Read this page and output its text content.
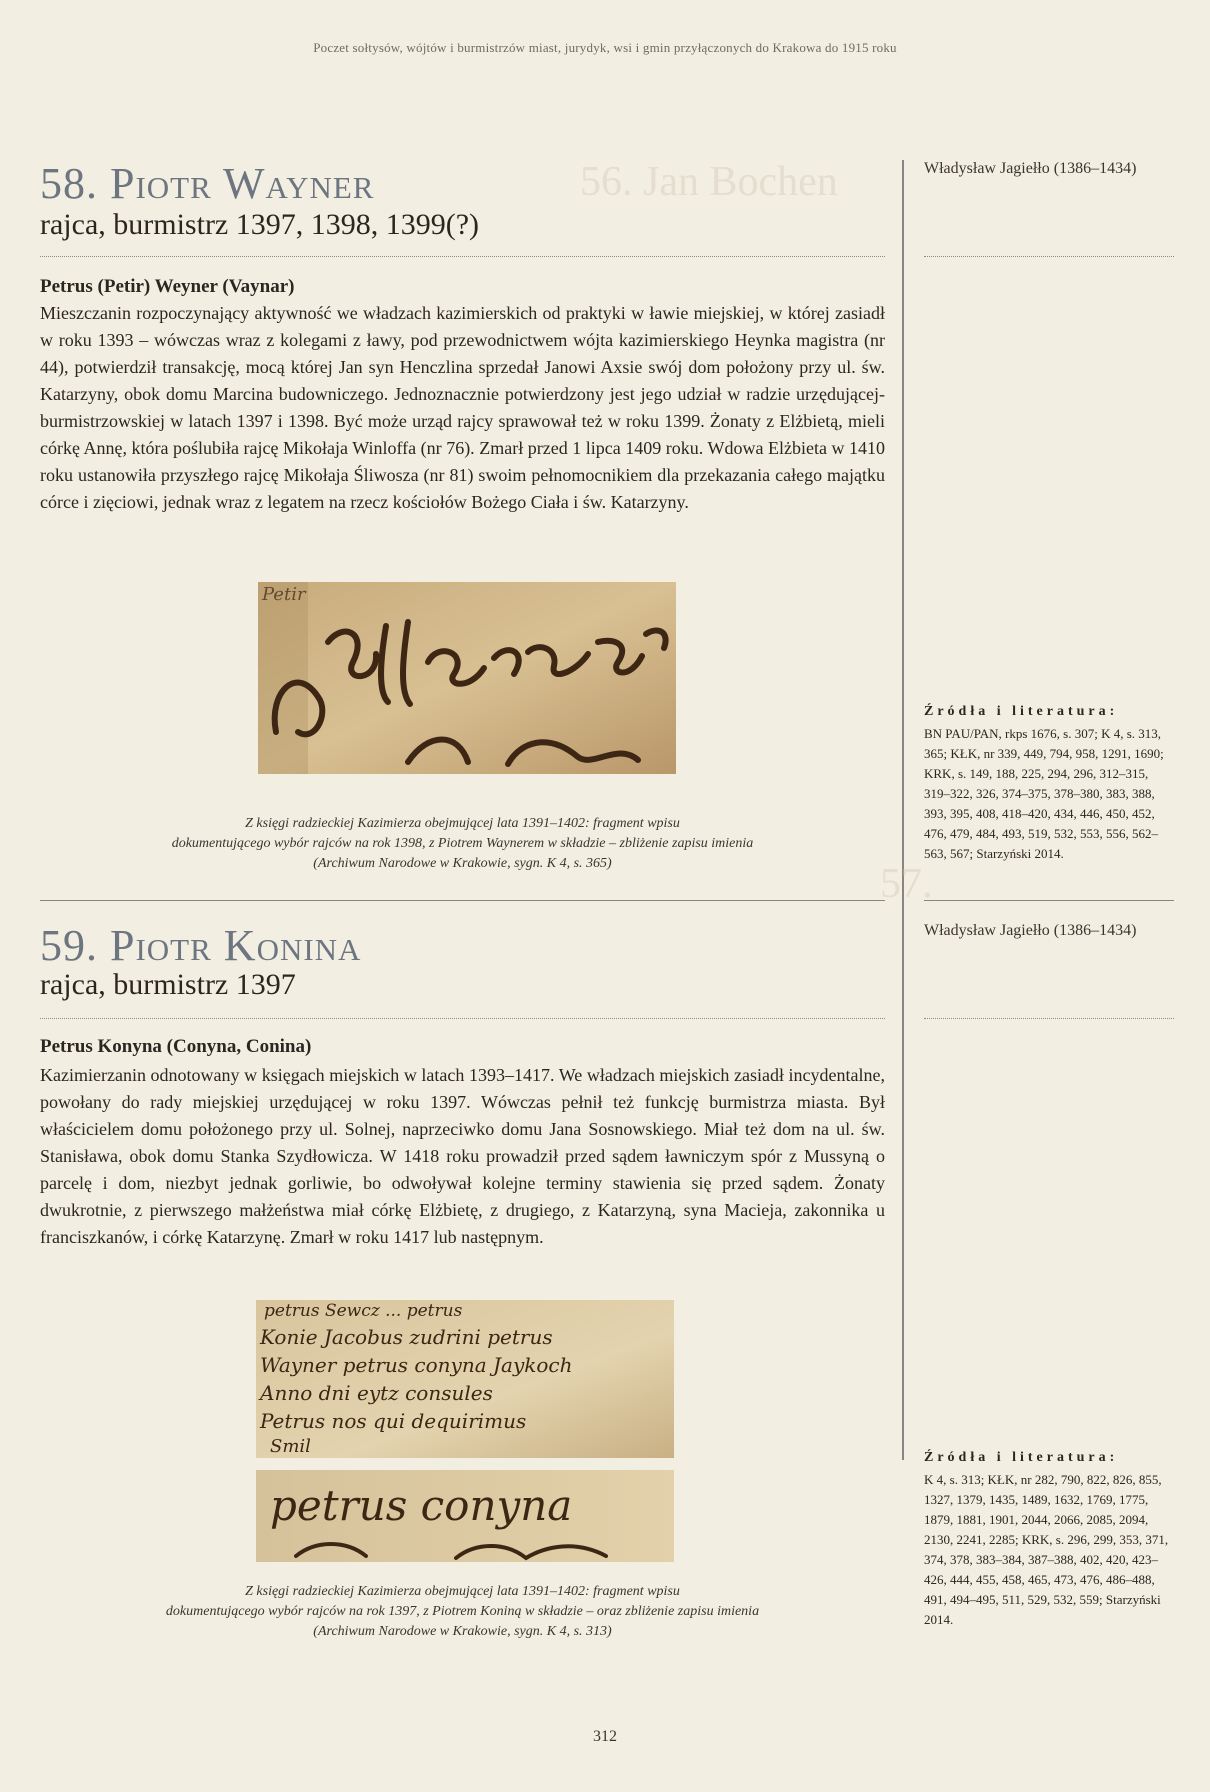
Poczet sołtysów, wójtów i burmistrzów miast, jurydyk, wsi i gmin przyłączonych do Krakowa do 1915 roku
56. Jan Bochen
57.
58. Piotr Wayner
rajca, burmistrz 1397, 1398, 1399(?)
Petrus (Petir) Weyner (Vaynar)

Mieszczanin rozpoczynający aktywność we władzach kazimierskich od praktyki w ławie miejskiej, w której zasiadł w roku 1393 – wówczas wraz z kolegami z ławy, pod przewodnictwem wójta kazimierskiego Heynka magistra (nr 44), potwierdził transakcję, mocą której Jan syn Henczlina sprzedał Janowi Axsie swój dom położony przy ul. św. Katarzyny, obok domu Marcina budowniczego. Jednoznacznie potwierdzony jest jego udział w radzie urzędującej-burmistrzowskiej w latach 1397 i 1398. Być może urząd rajcy sprawował też w roku 1399. Żonaty z Elżbietą, mieli córkę Annę, która poślubiła rajcę Mikołaja Winloffa (nr 76). Zmarł przed 1 lipca 1409 roku. Wdowa Elżbieta w 1410 roku ustanowiła przyszłego rajcę Mikołaja Śliwosza (nr 81) swoim pełnomocnikiem dla przekazania całego majątku córce i zięciowi, jednak wraz z legatem na rzecz kościołów Bożego Ciała i św. Katarzyny.

Petir
Z księgi radzieckiej Kazimierza obejmującej lata 1391–1402: fragment wpisu
dokumentującego wybór rajców na rok 1398, z Piotrem Waynerem w składzie – zbliżenie zapisu imienia
(Archiwum Narodowe w Krakowie, sygn. K 4, s. 365)
59. Piotr Konina
rajca, burmistrz 1397
Petrus Konyna (Conyna, Conina)

Kazimierzanin odnotowany w księgach miejskich w latach 1393–1417. We władzach miejskich zasiadł incydentalne, powołany do rady miejskiej urzędującej w roku 1397. Wówczas pełnił też funkcję burmistrza miasta. Był właścicielem domu położonego przy ul. Solnej, naprzeciwko domu Jana Sosnowskiego. Miał też dom na ul. św. Stanisława, obok domu Stanka Szydłowicza. W 1418 roku prowadził przed sądem ławniczym spór z Mussyną o parcelę i dom, niezbyt jednak gorliwie, bo odwoływał kolejne terminy stawienia się przed sądem. Żonaty dwukrotnie, z pierwszego małżeństwa miał córkę Elżbietę, z drugiego, z Katarzyną, syna Macieja, zakonnika u franciszkanów, i córkę Katarzynę. Zmarł w roku 1417 lub następnym.

petrus Sewcz ... petrus
Konie Jacobus zudrini petrus
Wayner petrus conyna Jaykoch
Anno dni eytz consules
Petrus nos qui dequirimus
Smil
petrus conyna
Z księgi radzieckiej Kazimierza obejmującej lata 1391–1402: fragment wpisu
dokumentującego wybór rajców na rok 1397, z Piotrem Koniną w składzie – oraz zbliżenie zapisu imienia
(Archiwum Narodowe w Krakowie, sygn. K 4, s. 313)
Władysław Jagiełło (1386–1434)
Źródła i literatura:

BN PAU/PAN, rkps 1676, s. 307; K 4, s. 313, 365; KŁK, nr 339, 449, 794, 958, 1291, 1690; KRK, s. 149, 188, 225, 294, 296, 312–315, 319–322, 326, 374–375, 378–380, 383, 388, 393, 395, 408, 418–420, 434, 446, 450, 452, 476, 479, 484, 493, 519, 532, 553, 556, 562–563, 567; Starzyński 2014.

Władysław Jagiełło (1386–1434)
Źródła i literatura:

K 4, s. 313; KŁK, nr 282, 790, 822, 826, 855, 1327, 1379, 1435, 1489, 1632, 1769, 1775, 1879, 1881, 1901, 2044, 2066, 2085, 2094, 2130, 2241, 2285; KRK, s. 296, 299, 353, 371, 374, 378, 383–384, 387–388, 402, 420, 423–426, 444, 455, 458, 465, 473, 476, 486–488, 491, 494–495, 511, 529, 532, 559; Starzyński 2014.

312
